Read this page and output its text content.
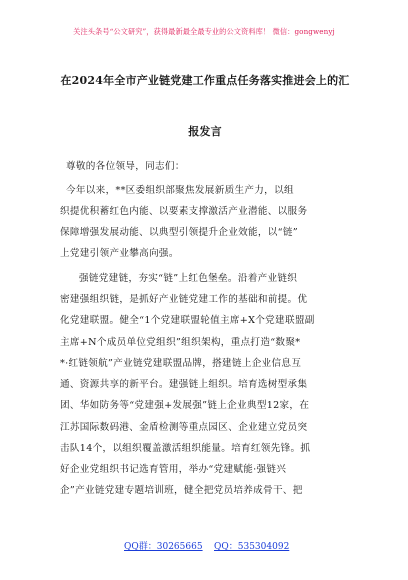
关注头条号“公文研究”，获得最新最全最专业的公文资料库！ 微信：gongwenyj
在2024年全市产业链党建工作重点任务落实推进会上的汇
报发言
尊敬的各位领导，同志们：
今年以来，**区委组织部聚焦发展新质生产力，以组
织提优积蓄红色内能、以要素支撑激活产业潜能、以服务
保障增强发展动能、以典型引领提升企业效能，以“链”
上党建引领产业攀高向强。
强链党建链，夯实“链”上红色堡垒。沿着产业链织
密建强组织链，是抓好产业链党建工作的基础和前提。优
化党建联盟。健全“1个党建联盟轮值主席+X个党建联盟副
主席+N个成员单位党组织”组织架构，重点打造“数聚*
*·红链领航”产业链党建联盟品牌，搭建链上企业信息互
通、资源共享的新平台。建强链上组织。培育选树型承集
团、华如防务等“党建强+发展强”链上企业典型12家，在
江苏国际数码港、金盾检测等重点园区、企业建立党员突
击队14个，以组织覆盖激活组织能量。培育红领先锋。抓
好企业党组织书记选育管用，举办“党建赋能·强链兴
企”产业链党建专题培训班，健全把党员培养成骨干、把
QQ群：30265665 QQ：535304092
